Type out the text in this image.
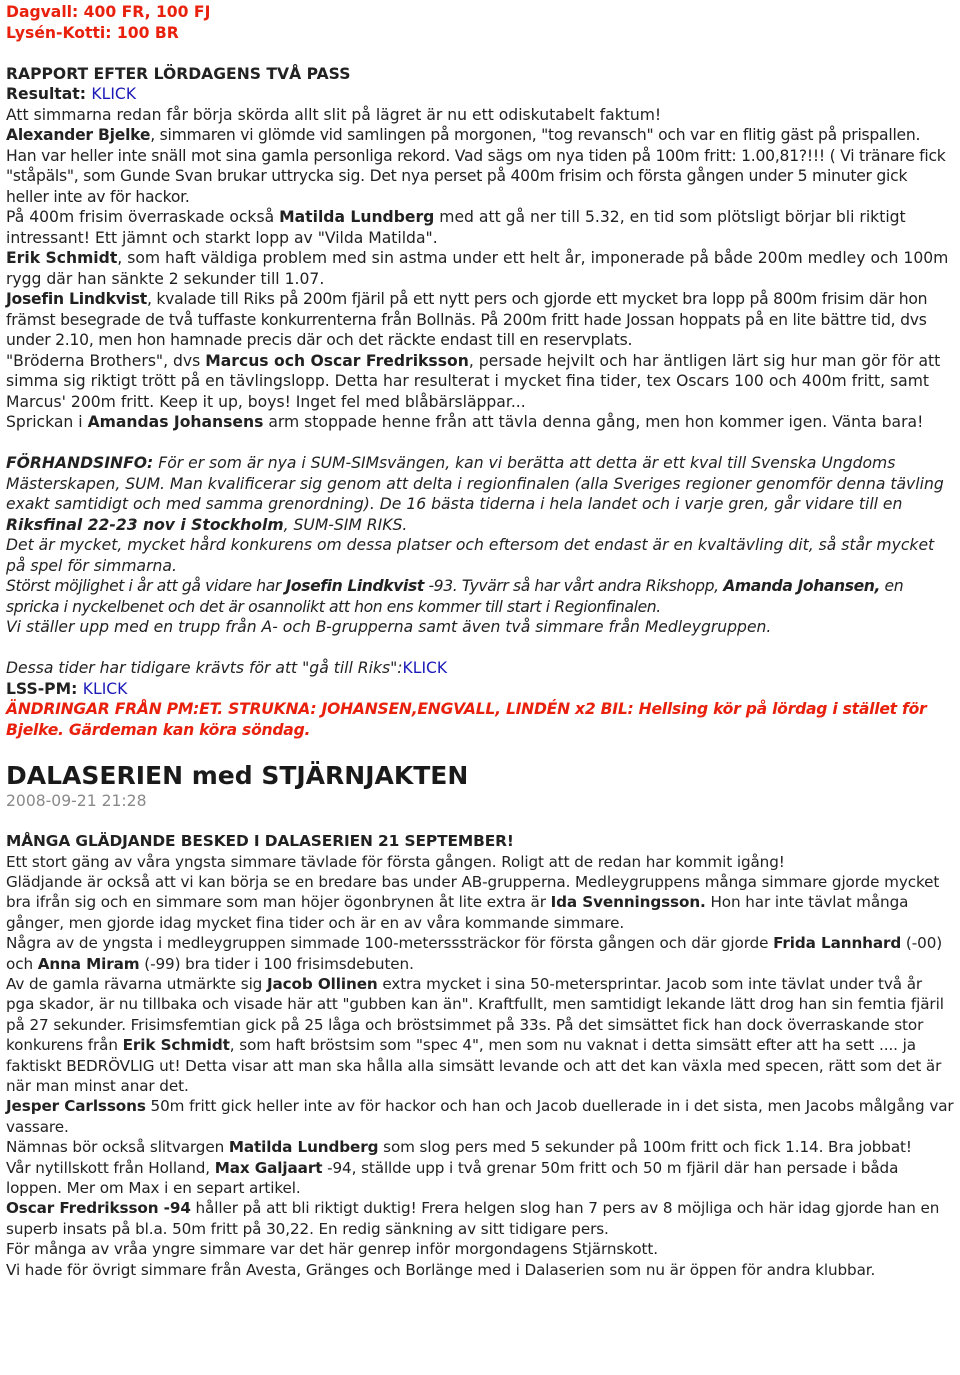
Dagvall: 400 FR, 100 FJ

Lysén-Kotti: 100 BR

RAPPORT EFTER LÖRDAGENS TVÅ PASS

Resultat: KLICK

Att simmarna redan får börja skörda allt slit på lägret är nu ett odiskutabelt faktum!

Alexander Bjelke, simmaren vi glömde vid samlingen på morgonen, "tog revansch" och var en flitig gäst på prispallen. Han var heller inte snäll mot sina gamla personliga rekord. Vad sägs om nya tiden på 100m fritt: 1.00,81?!!! ( Vi tränare fick "ståpäls", som Gunde Svan brukar uttrycka sig. Det nya perset på 400m frisim och första gången under 5 minuter gick heller inte av för hackor.

På 400m frisim överraskade också Matilda Lundberg med att gå ner till 5.32, en tid som plötsligt börjar bli riktigt intressant! Ett jämnt och starkt lopp av "Vilda Matilda".

Erik Schmidt, som haft väldiga problem med sin astma under ett helt år, imponerade på både 200m medley och 100m rygg där han sänkte 2 sekunder till 1.07.

Josefin Lindkvist, kvalade till Riks på 200m fjäril på ett nytt pers och gjorde ett mycket bra lopp på 800m frisim där hon främst besegrade de två tuffaste konkurrenterna från Bollnäs. På 200m fritt hade Jossan hoppats på en lite bättre tid, dvs under 2.10, men hon hamnade precis där och det räckte endast till en reservplats.

"Bröderna Brothers", dvs Marcus och Oscar Fredriksson, persade hejvilt och har äntligen lärt sig hur man gör för att simma sig riktigt trött på en tävlingslopp. Detta har resulterat i mycket fina tider, tex Oscars 100 och 400m fritt, samt Marcus' 200m fritt. Keep it up, boys! Inget fel med blåbärsläppar...

Sprickan i Amandas Johansens arm stoppade henne från att tävla denna gång, men hon kommer igen. Vänta bara!

FÖRHANDSINFO: För er som är nya i SUM-SIMsvängen, kan vi berätta att detta är ett kval till Svenska Ungdoms Mästerskapen, SUM. Man kvalificerar sig genom att delta i regionfinalen (alla Sveriges regioner genomför denna tävling exakt samtidigt och med samma grenordning). De 16 bästa tiderna i hela landet och i varje gren, går vidare till en Riksfinal 22-23 nov i Stockholm, SUM-SIM RIKS.

Det är mycket, mycket hård konkurens om dessa platser och eftersom det endast är en kvaltävling dit, så står mycket på spel för simmarna.

Störst möjlighet i år att gå vidare har Josefin Lindkvist -93. Tyvärr så har vårt andra Rikshopp, Amanda Johansen, en spricka i nyckelbenet och det är osannolikt att hon ens kommer till start i Regionfinalen.

Vi ställer upp med en trupp från A- och B-grupperna samt även två simmare från Medleygruppen.

Dessa tider har tidigare krävts för att "gå till Riks":KLICK

LSS-PM: KLICK

ÄNDRINGAR FRÅN PM:ET. STRUKNA: JOHANSEN,ENGVALL, LINDÉN x2 BIL: Hellsing kör på lördag i stället för Bjelke. Gärdeman kan köra söndag.

DALASERIEN med STJÄRNJAKTEN

2008-09-21 21:28

MÅNGA GLÄDJANDE BESKED I DALASERIEN 21 SEPTEMBER!

Ett stort gäng av våra yngsta simmare tävlade för första gången. Roligt att de redan har kommit igång!

Glädjande är också att vi kan börja se en bredare bas under AB-grupperna. Medleygruppens många simmare gjorde mycket bra ifrån sig och en simmare som man höjer ögonbrynen åt lite extra är Ida Svenningsson. Hon har inte tävlat många gånger, men gjorde idag mycket fina tider och är en av våra kommande simmare.

Några av de yngsta i medleygruppen simmade 100-metersssträckor för första gången och där gjorde Frida Lannhard (-00) och Anna Miram (-99) bra tider i 100 frisimsdebuten.

Av de gamla rävarna utmärkte sig Jacob Ollinen extra mycket i sina 50-metersprintar. Jacob som inte tävlat under två år pga skador, är nu tillbaka och visade här att "gubben kan än". Kraftfullt, men samtidigt lekande lätt drog han sin femtia fjäril på 27 sekunder. Frisimsfemtian gick på 25 låga och bröstsimmet på 33s. På det simsättet fick han dock överraskande stor konkurens från Erik Schmidt, som haft bröstsim som "spec 4", men som nu vaknat i detta simsätt efter att ha sett .... ja faktiskt BEDRÖVLIG ut! Detta visar att man ska hålla alla simsätt levande och att det kan växla med specen, rätt som det är när man minst anar det.

Jesper Carlssons 50m fritt gick heller inte av för hackor och han och Jacob duellerade in i det sista, men Jacobs målgång var vassare.

Nämnas bör också slitvargen Matilda Lundberg som slog pers med 5 sekunder på 100m fritt och fick 1.14. Bra jobbat!

Vår nytillskott från Holland, Max Galjaart -94, ställde upp i två grenar 50m fritt och 50 m fjäril där han persade i båda loppen. Mer om Max i en separt artikel.

Oscar Fredriksson -94 håller på att bli riktigt duktig! Frera helgen slog han 7 pers av 8 möjliga och här idag gjorde han en superb insats på bl.a. 50m fritt på 30,22. En redig sänkning av sitt tidigare pers.

För många av vråa yngre simmare var det här genrep inför morgondagens Stjärnskott.

Vi hade för övrigt simmare från Avesta, Gränges och Borlänge med i Dalaserien som nu är öppen för andra klubbar.
